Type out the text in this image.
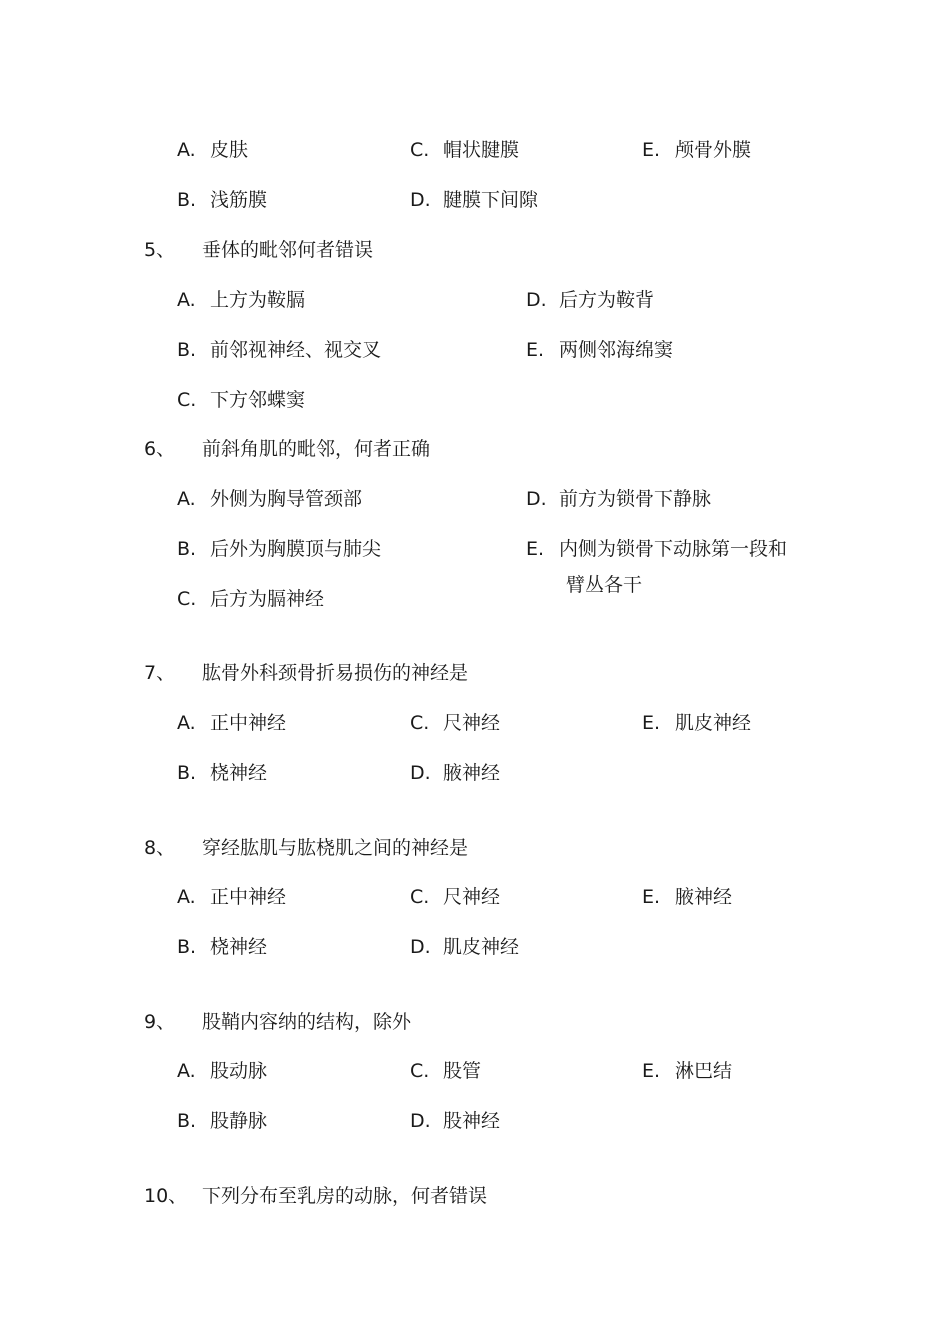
A. 皮肤	C. 帽状腱膜	E. 颅骨外膜
B. 浅筋膜	D. 腱膜下间隙
5、 垂体的毗邻何者错误
A. 上方为鞍膈	D. 后方为鞍背
B. 前邻视神经、视交叉	E. 两侧邻海绵窦
C. 下方邻蝶窦
6、 前斜角肌的毗邻，何者正确
A. 外侧为胸导管颈部	D. 前方为锁骨下静脉
B. 后外为胸膜顶与肺尖	E. 内侧为锁骨下动脉第一段和
臂丛各干
C. 后方为膈神经
7、 肱骨外科颈骨折易损伤的神经是
A. 正中神经	C. 尺神经	E. 肌皮神经
B. 桡神经	D. 腋神经
8、 穿经肱肌与肱桡肌之间的神经是
A. 正中神经	C. 尺神经	E. 腋神经
B. 桡神经	D. 肌皮神经
9、 股鞘内容纳的结构，除外
A. 股动脉	C. 股管	E. 淋巴结
B. 股静脉	D. 股神经
10、 下列分布至乳房的动脉，何者错误
